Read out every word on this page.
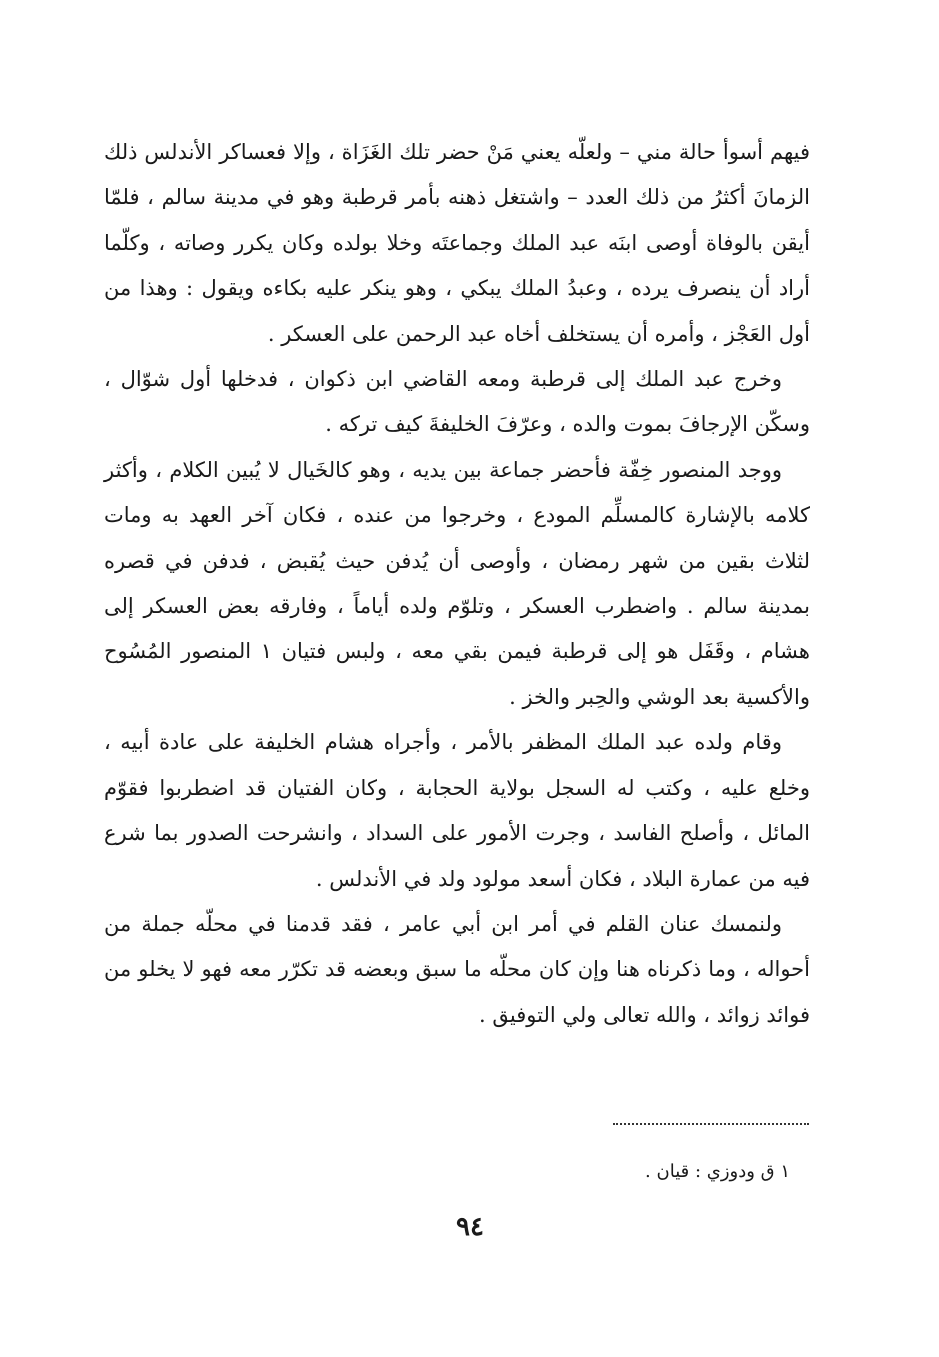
فيهم أسوأ حالة مني – ولعلّه يعني مَنْ حضر تلك الغَزَاة ، وإلا فعساكر الأندلس ذلك الزمانَ أكثرُ من ذلك العدد – واشتغل ذهنه بأمر قرطبة وهو في مدينة سالم ، فلمّا أيقن بالوفاة أوصى ابنَه عبد الملك وجماعتَه وخلا بولده وكان يكرر وصاته ، وكلّما أراد أن ينصرف يرده ، وعبدُ الملك يبكي ، وهو ينكر عليه بكاءه ويقول : وهذا من أول العَجْز ، وأمره أن يستخلف أخاه عبد الرحمن على العسكر .

وخرج عبد الملك إلى قرطبة ومعه القاضي ابن ذكوان ، فدخلها أول شوّال ، وسكّن الإرجافَ بموت والده ، وعرّفَ الخليفةَ كيف تركه .

ووجد المنصور خِفّة فأحضر جماعة بين يديه ، وهو كالخَيال لا يُبين الكلام ، وأكثر كلامه بالإشارة كالمسلِّم المودع ، وخرجوا من عنده ، فكان آخر العهد به ومات لثلاث بقين من شهر رمضان ، وأوصى أن يُدفن حيث يُقبض ، فدفن في قصره بمدينة سالم . واضطرب العسكر ، وتلوّم ولده أياماً ، وفارقه بعض العسكر إلى هشام ، وقَفَل هو إلى قرطبة فيمن بقي معه ، ولبس فتيان ١ المنصور المُسُوح والأكسية بعد الوشي والحِبر والخز .

وقام ولده عبد الملك المظفر بالأمر ، وأجراه هشام الخليفة على عادة أبيه ، وخلع عليه ، وكتب له السجل بولاية الحجابة ، وكان الفتيان قد اضطربوا فقوّم المائل ، وأصلح الفاسد ، وجرت الأمور على السداد ، وانشرحت الصدور بما شرع فيه من عمارة البلاد ، فكان أسعد مولود ولد في الأندلس .

ولنمسك عنان القلم في أمر ابن أبي عامر ، فقد قدمنا في محلّه جملة من أحواله ، وما ذكرناه هنا وإن كان محلّه ما سبق وبعضه قد تكرّر معه فهو لا يخلو من فوائد زوائد ، والله تعالى ولي التوفيق .

١ ق ودوزي : قيان .
٩٤
